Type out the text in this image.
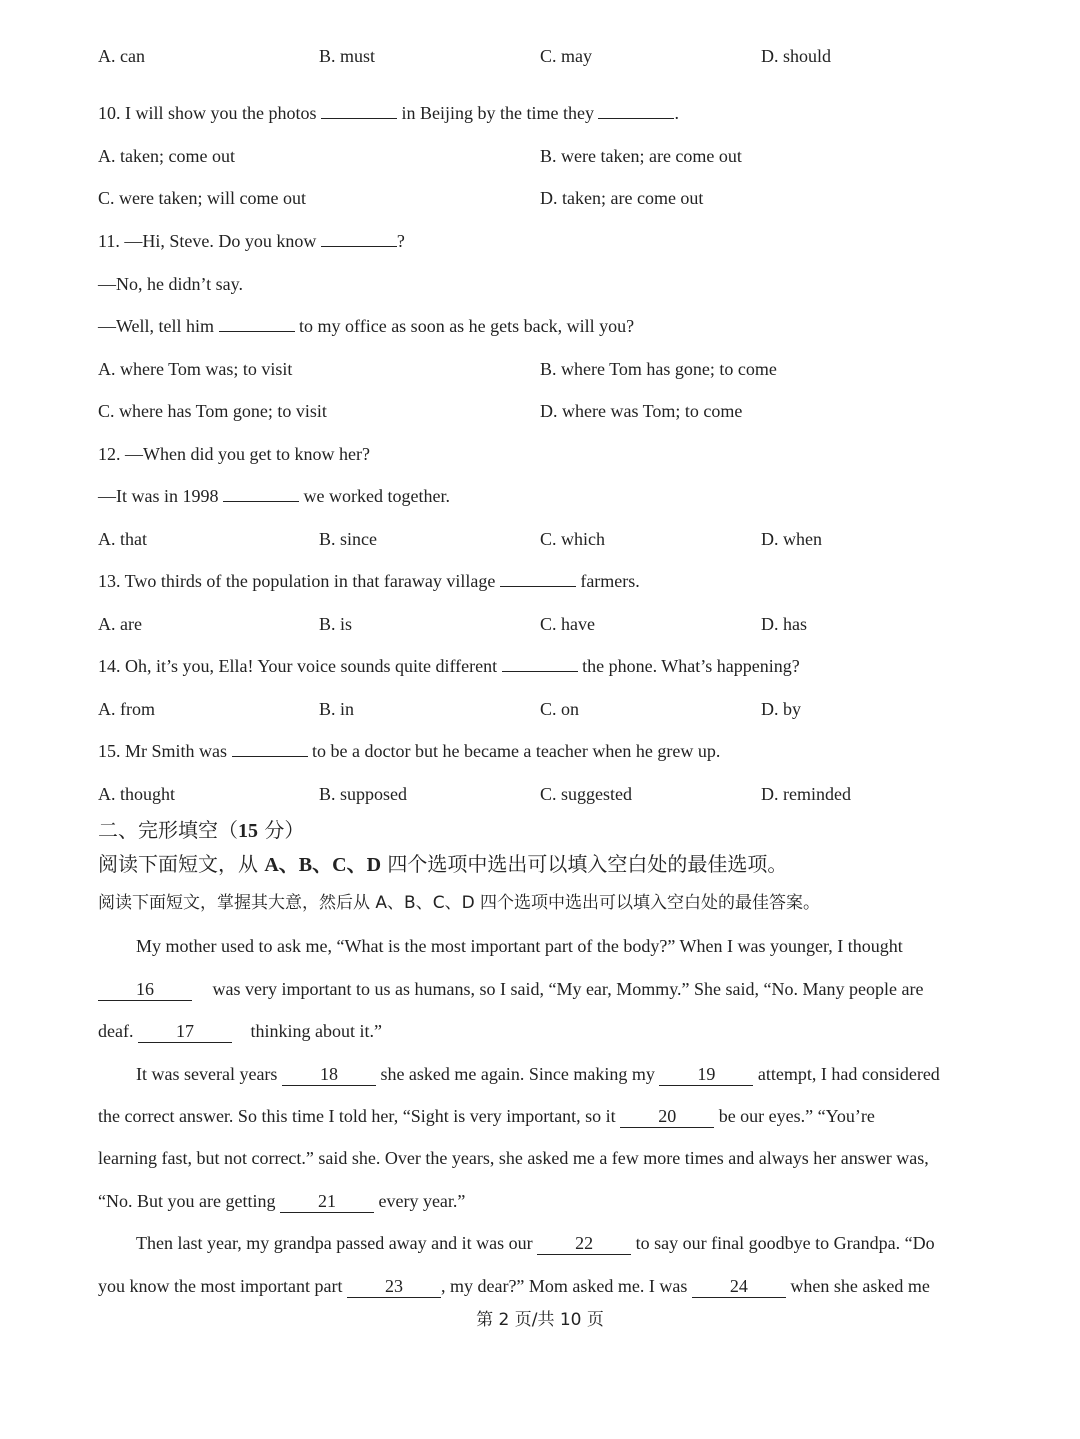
A. can	B. must	C. may	D. should
10. I will show you the photos	in Beijing by the time they	.
A. taken; come out	B. were taken; are come out
C. were taken; will come out	D. taken; are come out
11. —Hi, Steve. Do you know	?
—No, he didn’t say.
—Well, tell him	to my office as soon as he gets back, will you?
A. where Tom was; to visit	B. where Tom has gone; to come
C. where has Tom gone; to visit	D. where was Tom; to come
12. —When did you get to know her?
—It was in 1998	we worked together.
A. that	B. since	C. which	D. when
13. Two thirds of the population in that faraway village	farmers.
A. are	B. is	C. have	D. has
14. Oh, it’s you, Ella! Your voice sounds quite different	the phone. What’s happening?
A. from	B. in	C. on	D. by
15. Mr Smith was	to be a doctor but he became a teacher when he grew up.
A. thought	B. supposed	C. suggested	D. reminded
二、完形填空（15 分）
阅读下面短文，从 A、B、C、D 四个选项中选出可以填入空白处的最佳选项。
阅读下面短文，掌握其大意，然后从 A、B、C、D 四个选项中选出可以填入空白处的最佳答案。
My mother used to ask me, “What is the most important part of the body?” When I was younger, I thought
16	was very important to us as humans, so I said, “My ear, Mommy.” She said, “No. Many people are
deaf. 17	thinking about it.”
It was several years 18 she asked me again. Since making my 19 attempt, I had considered
the correct answer. So this time I told her, “Sight is very important, so it 20 be our eyes.” “You’re
learning fast, but not correct.” said she. Over the years, she asked me a few more times and always her answer was,
“No. But you are getting 21 every year.”
Then last year, my grandpa passed away and it was our 22 to say our final goodbye to Grandpa. “Do
you know the most important part 23 , my dear?” Mom asked me. I was 24 when she asked me
第 2 页/共 10 页
